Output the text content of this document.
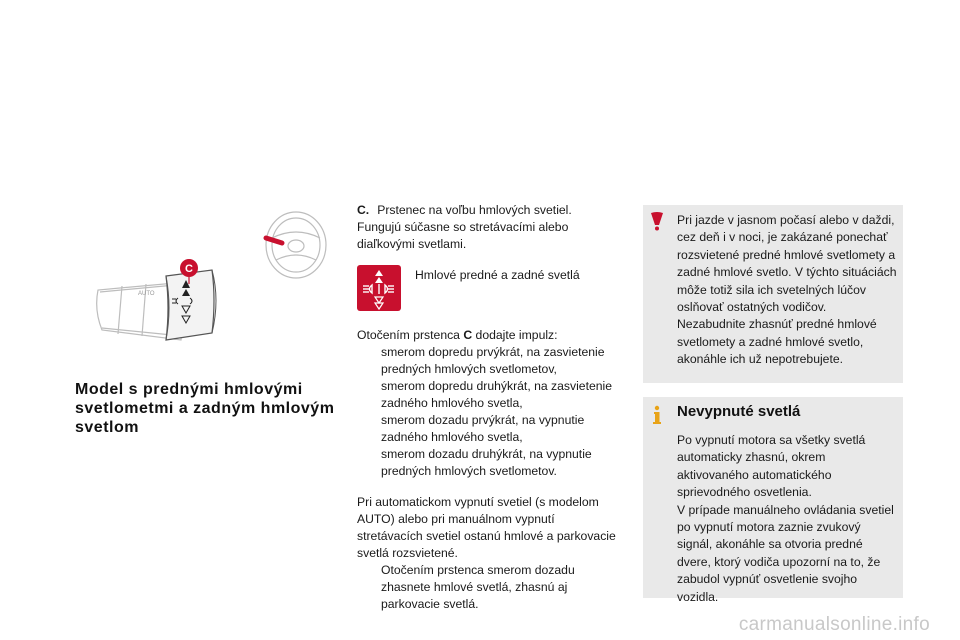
AUTO
C
Model s prednými hmlovými svetlometmi a zadným hmlovým svetlom

C. Prstenec na voľbu hmlových svetiel.

Fungujú súčasne so stretávacími alebo diaľkovými svetlami.

Hmlové predné a zadné svetlá

Otočením prstenca C dodajte impulz:

smerom dopredu prvýkrát, na zasvietenie predných hmlových svetlometov,
smerom dopredu druhýkrát, na zasvietenie zadného hmlového svetla,
smerom dozadu prvýkrát, na vypnutie zadného hmlového svetla,
smerom dozadu druhýkrát, na vypnutie predných hmlových svetlometov.

Pri automatickom vypnutí svetiel (s modelom AUTO) alebo pri manuálnom vypnutí stretávacích svetiel ostanú hmlové a parkovacie svetlá rozsvietené.

Otočením prstenca smerom dozadu zhasnete hmlové svetlá, zhasnú aj parkovacie svetlá.
Pri jazde v jasnom počasí alebo v daždi, cez deň i v noci, je zakázané ponechať rozsvietené predné hmlové svetlomety a zadné hmlové svetlo. V týchto situáciách môže totiž sila ich svetelných lúčov oslňovať ostatných vodičov.
Nezabudnite zhasnúť predné hmlové svetlomety a zadné hmlové svetlo, akonáhle ich už nepotrebujete.
Nevypnuté svetlá
Po vypnutí motora sa všetky svetlá automaticky zhasnú, okrem aktivovaného automatického sprievodného osvetlenia.
V prípade manuálneho ovládania svetiel po vypnutí motora zaznie zvukový signál, akonáhle sa otvoria predné dvere, ktorý vodiča upozorní na to, že zabudol vypnúť osvetlenie svojho vozidla.
carmanualsonline.info
